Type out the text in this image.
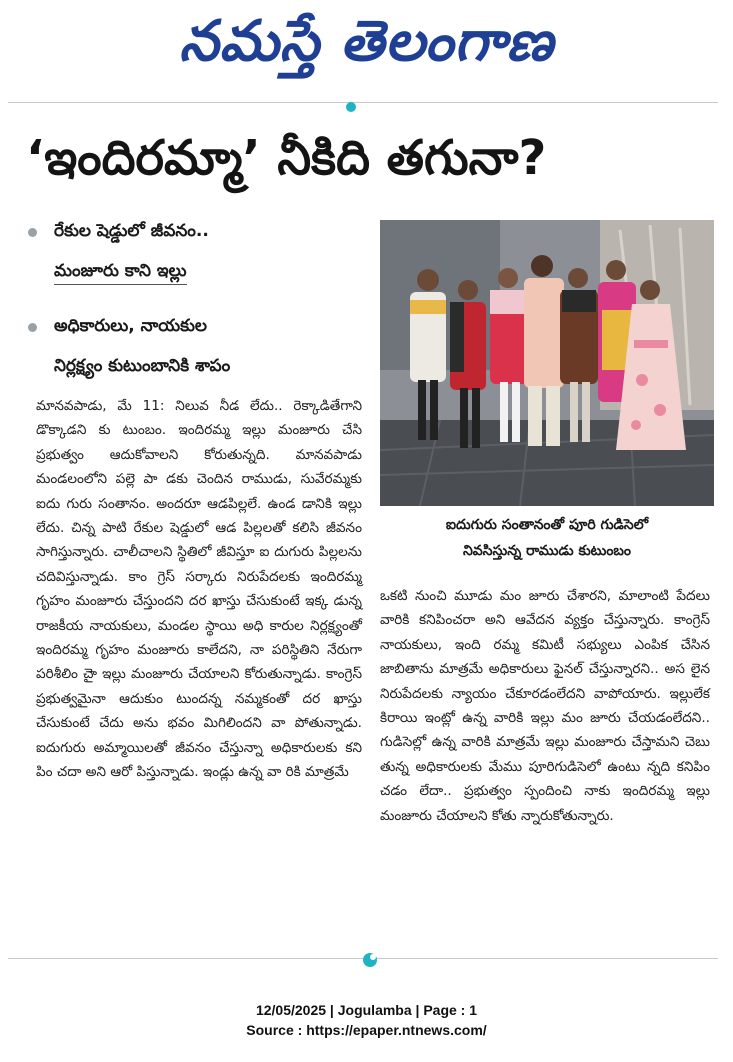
నమస్తే తెలంగాణ
‘ఇందిరమ్మా’ నీకిది తగునా?
రేకుల షెడ్డులో జీవనం..
మంజూరు కాని ఇల్లు
అధికారులు, నాయకుల
నిర్లక్ష్యం కుటుంబానికి శాపం
మానవపాడు, మే 11: నిలువ నీడ లేదు.. రెక్కాడితేగాని డొక్కాడని కు టుంబం. ఇందిరమ్మ ఇల్లు మంజూరు చేసి ప్రభుత్వం ఆదుకోవాలని కోరుతున్నది. మానవపాడు మండలంలోని పల్లె పా డకు చెందిన రాముడు, సువేరమ్మకు ఐదు గురు సంతానం. అందరూ ఆడపిల్లలే. ఉండ డానికి ఇల్లు లేదు. చిన్న పాటి రేకుల షెడ్డులో ఆడ పిల్లలతో కలిసి జీవనం సాగిస్తున్నారు. చాలీచాలని స్థితిలో జీవిస్తూ ఐ దుగురు పిల్లలను చదివిస్తున్నాడు. కాం గ్రెస్ సర్కారు నిరుపేదలకు ఇందిరమ్మ గృహం మంజూరు చేస్తుందని దర ఖాస్తు చేసుకుంటే ఇక్క డున్న రాజకీయ నాయకులు, మండల స్థాయి అధి కారుల నిర్లక్ష్యంతో ఇందిరమ్మ గృహం మంజూరు కాలేదని, నా పరిస్థితిని నేరుగా పరిశీలిం చైా ఇల్లు మంజూరు చేయాలని కోరుతున్నాడు. కాంగ్రెస్ ప్రభుత్వమైనా ఆదుకుం టుందన్న నమ్మకంతో దర ఖాస్తు చేసుకుంటే చేదు అను భవం మిగిలిందని వా పోతున్నాడు. ఐదుగురు అమ్మాయిలతో జీవనం చేస్తున్నా అధికారులకు కని పిం చదా అని ఆరో పిస్తున్నాడు. ఇండ్లు ఉన్న వా రికి మాత్రమే
ఐదుగురు సంతానంతో పూరి గుడిసెలో
నివసిస్తున్న రాముడు కుటుంబం
ఒకటి నుంచి మూడు మం జూరు చేశారని, మాలాంటి పేదలు వారికి కనిపించరా అని ఆవేదన వ్యక్తం చేస్తున్నారు. కాంగ్రెస్ నాయకులు, ఇంది రమ్మ కమిటీ సభ్యులు ఎంపిక చేసిన జాబితాను మాత్రమే అధికారులు ఫైనల్ చేస్తున్నారని.. అస లైన నిరుపేదలకు న్యాయం చేకూరడంలేదని వాపోయారు. ఇల్లులేక కిరాయి ఇంట్లో ఉన్న వారికి ఇల్లు మం జూరు చేయడంలేదని.. గుడిసెల్లో ఉన్న వారికి మాత్రమే ఇల్లు మంజూరు చేస్తామని చెబు తున్న అధికారులకు మేము పూరిగుడిసెలో ఉంటు న్నది కనిపిం చడం లేదా.. ప్రభుత్వం స్పందించి నాకు ఇందిరమ్మ ఇల్లు మంజూరు చేయాలని కోతు న్నారుకోతున్నారు.
12/05/2025 | Jogulamba | Page : 1
Source : https://epaper.ntnews.com/
